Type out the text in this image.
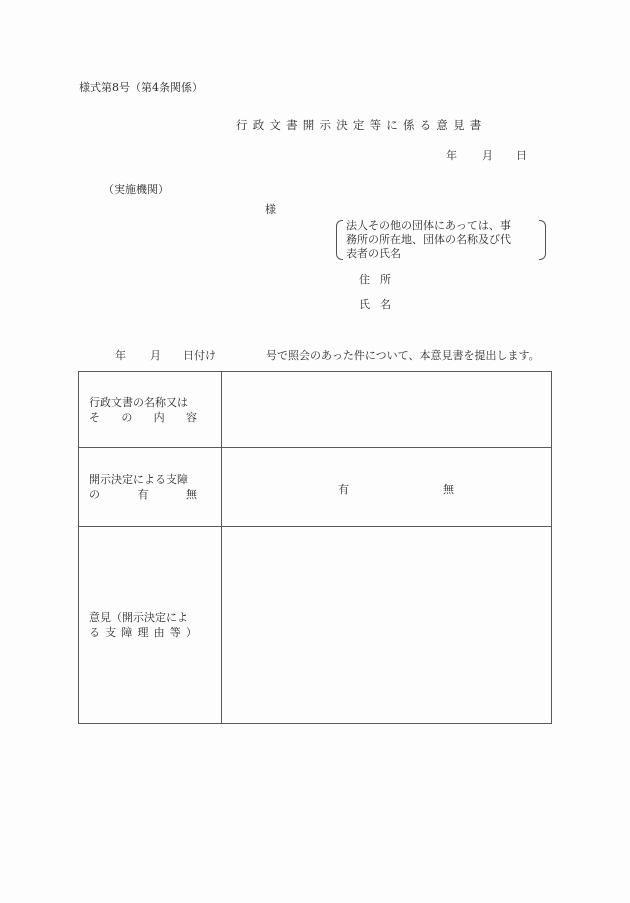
様式第8号（第4条関係）
行政文書開示決定等に係る意見書
年 月 日
（実施機関）
様
法人その他の団体にあっては、事
務所の所在地、団体の名称及び代
表者の氏名
住所
氏名
年 月 日付け	号で照会のあった件について、本意見書を提出します。
行政文書の名称又は
そ の 内 容	

開示決定による支障
の 有 無	有 無

意見（開示決定によ
る 支 障 理 由 等 ）
